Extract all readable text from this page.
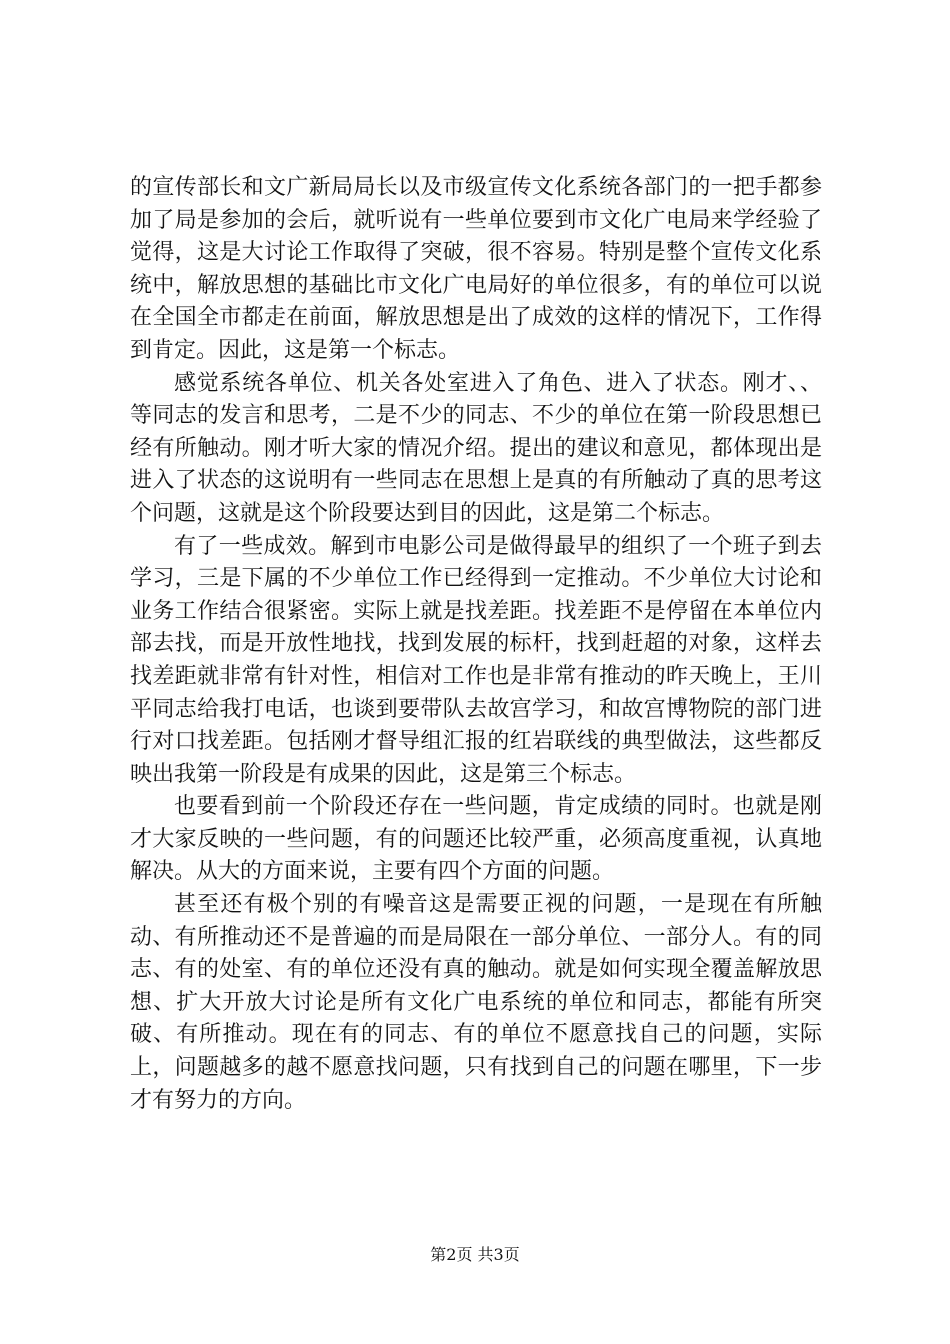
的宣传部长和文广新局局长以及市级宣传文化系统各部门的一把手都参加了局是参加的会后，就听说有一些单位要到市文化广电局来学经验了觉得，这是大讨论工作取得了突破，很不容易。特别是整个宣传文化系统中，解放思想的基础比市文化广电局好的单位很多，有的单位可以说在全国全市都走在前面，解放思想是出了成效的这样的情况下，工作得到肯定。因此，这是第一个标志。

感觉系统各单位、机关各处室进入了角色、进入了状态。刚才、、等同志的发言和思考，二是不少的同志、不少的单位在第一阶段思想已经有所触动。刚才听大家的情况介绍。提出的建议和意见，都体现出是进入了状态的这说明有一些同志在思想上是真的有所触动了真的思考这个问题，这就是这个阶段要达到目的因此，这是第二个标志。

有了一些成效。解到市电影公司是做得最早的组织了一个班子到去学习，三是下属的不少单位工作已经得到一定推动。不少单位大讨论和业务工作结合很紧密。实际上就是找差距。找差距不是停留在本单位内部去找，而是开放性地找，找到发展的标杆，找到赶超的对象，这样去找差距就非常有针对性，相信对工作也是非常有推动的昨天晚上，王川平同志给我打电话，也谈到要带队去故宫学习，和故宫博物院的部门进行对口找差距。包括刚才督导组汇报的红岩联线的典型做法，这些都反映出我第一阶段是有成果的因此，这是第三个标志。

也要看到前一个阶段还存在一些问题，肯定成绩的同时。也就是刚才大家反映的一些问题，有的问题还比较严重，必须高度重视，认真地解决。从大的方面来说，主要有四个方面的问题。

甚至还有极个别的有噪音这是需要正视的问题，一是现在有所触动、有所推动还不是普遍的而是局限在一部分单位、一部分人。有的同志、有的处室、有的单位还没有真的触动。就是如何实现全覆盖解放思想、扩大开放大讨论是所有文化广电系统的单位和同志，都能有所突破、有所推动。现在有的同志、有的单位不愿意找自己的问题，实际上，问题越多的越不愿意找问题，只有找到自己的问题在哪里，下一步才有努力的方向。

第2页 共3页
